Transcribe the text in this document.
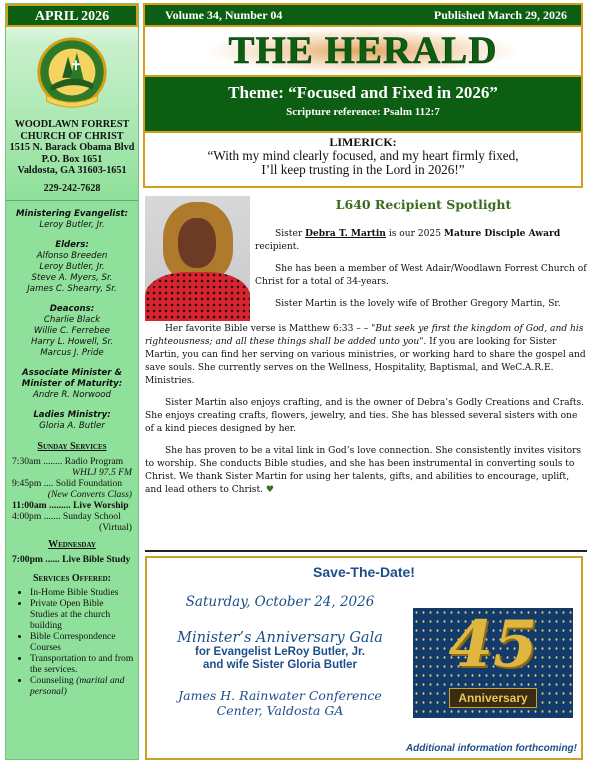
APRIL 2026
WOODLAWN FORREST
CHURCH OF CHRIST
1515 N. Barack Obama Blvd
P.O. Box 1651
Valdosta, GA 31603-1651
229-242-7628
Ministering Evangelist:
Leroy Butler, Jr.
Elders:
Alfonso Breeden
Leroy Butler, Jr.
Steve A. Myers, Sr.
James C. Shearry, Sr.
Deacons:
Charlie Black
Willie C. Ferrebee
Harry L. Howell, Sr.
Marcus J. Pride
Associate Minister &
Minister of Maturity:
Andre R. Norwood
Ladies Ministry:
Gloria A. Butler
Sunday Services
7:30am ........ Radio Program
WHLJ 97.5 FM
9:45pm .... Solid Foundation
(New Converts Class)
11:00am ......... Live Worship
4:00pm ....... Sunday School
(Virtual)
Wednesday
7:00pm ...... Live Bible Study
Services Offered:
• In-Home Bible Studies
• Private Open Bible Studies at the church building
• Bible Correspondence Courses
• Transportation to and from the services.
• Counseling (marital and personal)
Volume 34, Number 04	Published March 29, 2026
THE HERALD
Theme: “Focused and Fixed in 2026”
Scripture reference: Psalm 112:7
LIMERICK:
“With my mind clearly focused, and my heart firmly fixed,
I’ll keep trusting in the Lord in 2026!”
L640 Recipient Spotlight

Sister Debra T. Martin is our 2025 Mature Disciple Award recipient.

She has been a member of West Adair/Woodlawn Forrest Church of Christ for a total of 34-years.

Sister Martin is the lovely wife of Brother Gregory Martin, Sr.

Her favorite Bible verse is Matthew 6:33 – – "But seek ye first the kingdom of God, and his righteousness; and all these things shall be added unto you". If you are looking for Sister Martin, you can find her serving on various ministries, or working hard to share the gospel and save souls. She currently serves on the Wellness, Hospitality, Baptismal, and WeC.A.R.E. Ministries.

Sister Martin also enjoys crafting, and is the owner of Debra’s Godly Creations and Crafts. She enjoys creating crafts, flowers, jewelry, and ties. She has blessed several sisters with one of a kind pieces designed by her.

She has proven to be a vital link in God’s love connection. She consistently invites visitors to worship. She conducts Bible studies, and she has been instrumental in converting souls to Christ. We thank Sister Martin for using her talents, gifts, and abilities to encourage, uplift, and lead others to Christ. ♥

Save-The-Date!
Saturday, October 24, 2026
Minister’s Anniversary Gala
for Evangelist LeRoy Butler, Jr.
and wife Sister Gloria Butler
James H. Rainwater Conference
Center, Valdosta GA
45
Anniversary
Additional information forthcoming!
